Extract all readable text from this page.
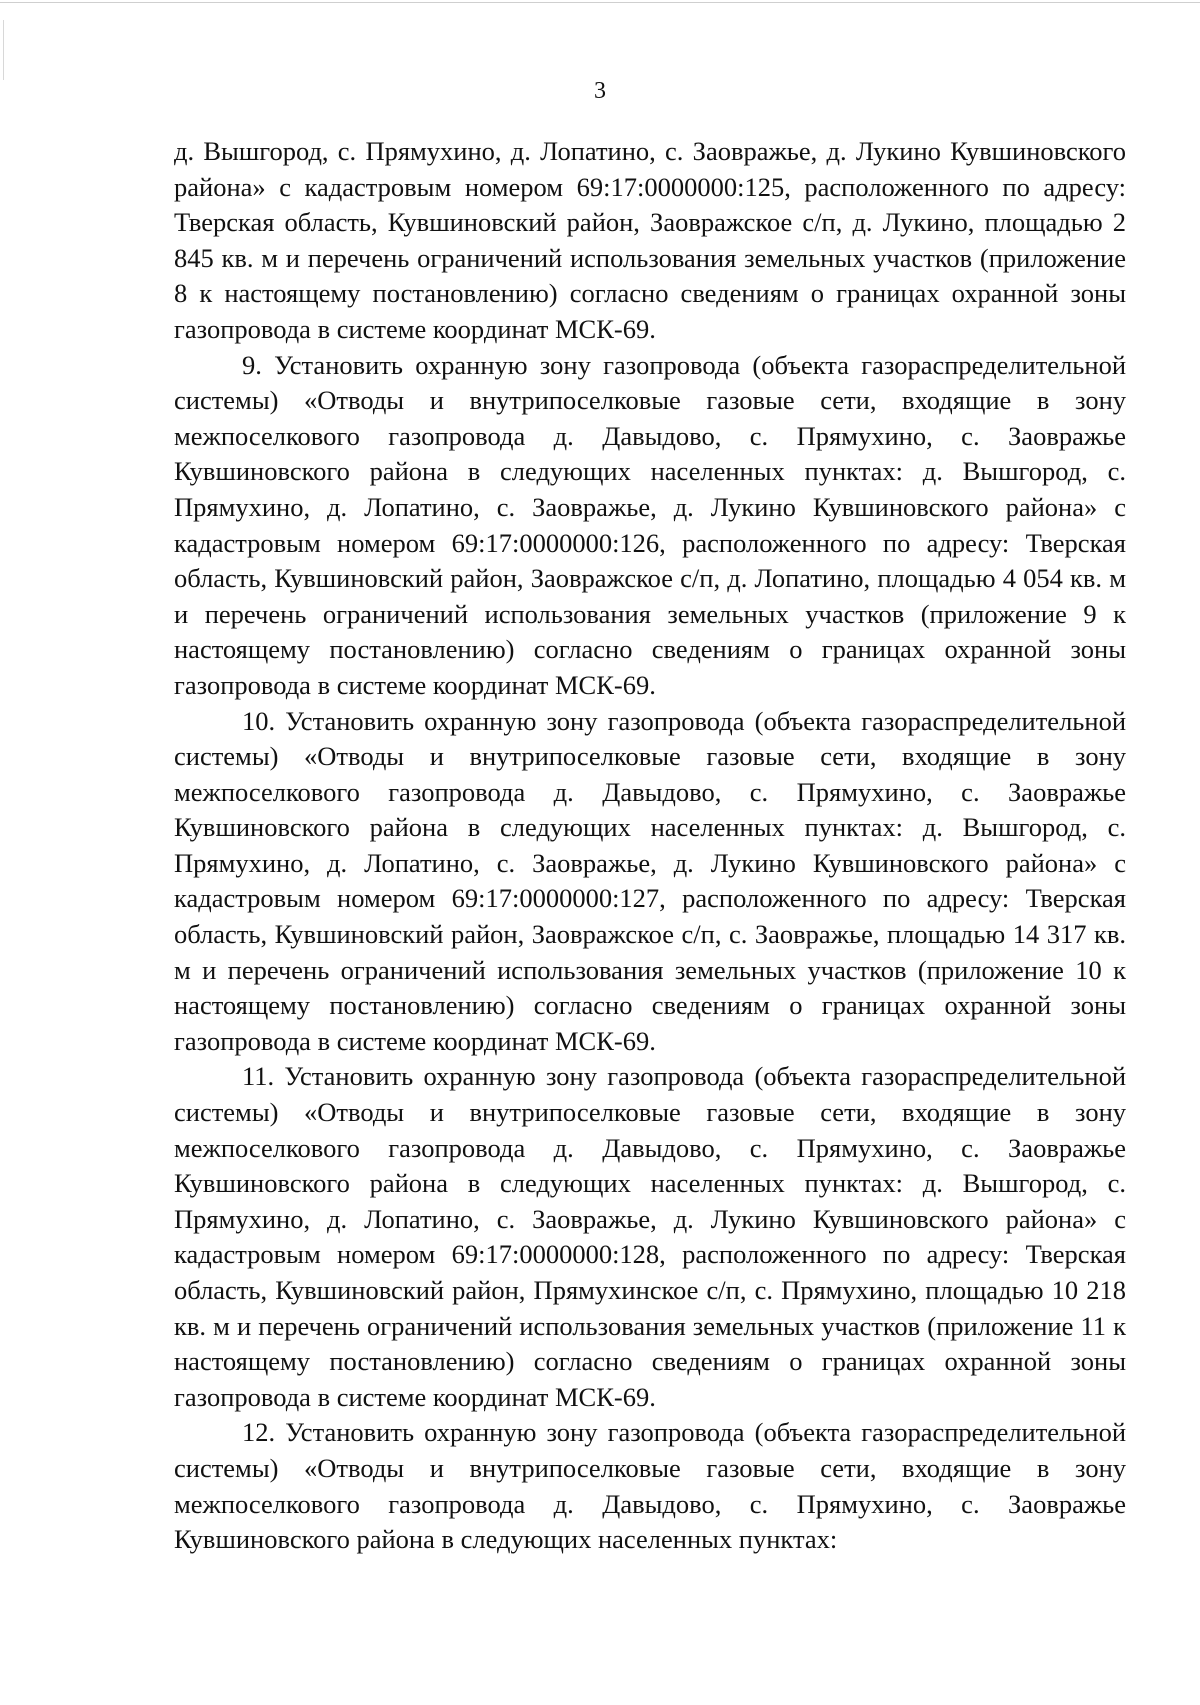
3

д. Вышгород, с. Прямухино, д. Лопатино, с. Заовражье, д. Лукино Кувшиновского района» с кадастровым номером 69:17:0000000:125, расположенного по адресу: Тверская область, Кувшиновский район, Заовражское с/п, д. Лукино, площадью 2 845 кв. м и перечень ограничений использования земельных участков (приложение 8 к настоящему постановлению) согласно сведениям о границах охранной зоны газопровода в системе координат МСК-69.

9. Установить охранную зону газопровода (объекта газораспределительной системы) «Отводы и внутрипоселковые газовые сети, входящие в зону межпоселкового газопровода д. Давыдово, с. Прямухино, с. Заовражье Кувшиновского района в следующих населенных пунктах: д. Вышгород, с. Прямухино, д. Лопатино, с. Заовражье, д. Лукино Кувшиновского района» с кадастровым номером 69:17:0000000:126, расположенного по адресу: Тверская область, Кувшиновский район, Заовражское с/п, д. Лопатино, площадью 4 054 кв. м и перечень ограничений использования земельных участков (приложение 9 к настоящему постановлению) согласно сведениям о границах охранной зоны газопровода в системе координат МСК-69.

10. Установить охранную зону газопровода (объекта газораспределительной системы) «Отводы и внутрипоселковые газовые сети, входящие в зону межпоселкового газопровода д. Давыдово, с. Прямухино, с. Заовражье Кувшиновского района в следующих населенных пунктах: д. Вышгород, с. Прямухино, д. Лопатино, с. Заовражье, д. Лукино Кувшиновского района» с кадастровым номером 69:17:0000000:127, расположенного по адресу: Тверская область, Кувшиновский район, Заовражское с/п, с. Заовражье, площадью 14 317 кв. м и перечень ограничений использования земельных участков (приложение 10 к настоящему постановлению) согласно сведениям о границах охранной зоны газопровода в системе координат МСК-69.

11. Установить охранную зону газопровода (объекта газораспределительной системы) «Отводы и внутрипоселковые газовые сети, входящие в зону межпоселкового газопровода д. Давыдово, с. Прямухино, с. Заовражье Кувшиновского района в следующих населенных пунктах: д. Вышгород, с. Прямухино, д. Лопатино, с. Заовражье, д. Лукино Кувшиновского района» с кадастровым номером 69:17:0000000:128, расположенного по адресу: Тверская область, Кувшиновский район, Прямухинское с/п, с. Прямухино, площадью 10 218 кв. м и перечень ограничений использования земельных участков (приложение 11 к настоящему постановлению) согласно сведениям о границах охранной зоны газопровода в системе координат МСК-69.

12. Установить охранную зону газопровода (объекта газораспределительной системы) «Отводы и внутрипоселковые газовые сети, входящие в зону межпоселкового газопровода д. Давыдово, с. Прямухино, с. Заовражье Кувшиновского района в следующих населенных пунктах:
